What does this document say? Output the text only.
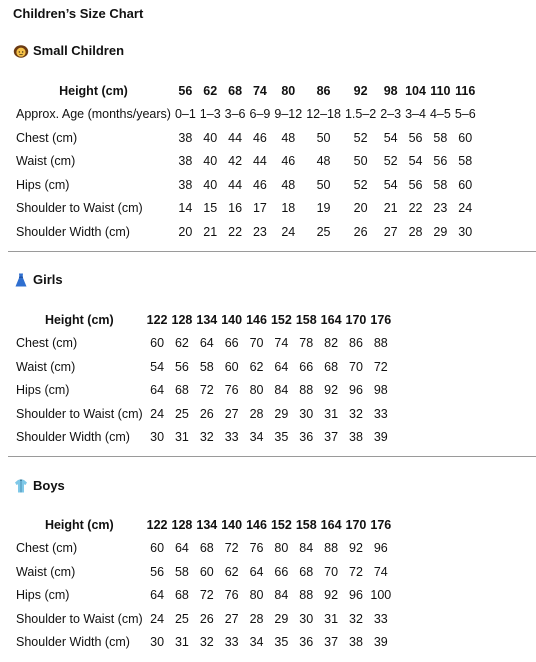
Children’s Size Chart
Small Children
Height (cm)	56	62	68	74	80	86	92	98	104	110	116
Approx. Age (months/years)	0–1	1–3	3–6	6–9	9–12	12–18	1.5–2	2–3	3–4	4–5	5–6
Chest (cm)	38	40	44	46	48	50	52	54	56	58	60
Waist (cm)	38	40	42	44	46	48	50	52	54	56	58
Hips (cm)	38	40	44	46	48	50	52	54	56	58	60
Shoulder to Waist (cm)	14	15	16	17	18	19	20	21	22	23	24
Shoulder Width (cm)	20	21	22	23	24	25	26	27	28	29	30
Girls
Height (cm)	122	128	134	140	146	152	158	164	170	176
Chest (cm)	60	62	64	66	70	74	78	82	86	88
Waist (cm)	54	56	58	60	62	64	66	68	70	72
Hips (cm)	64	68	72	76	80	84	88	92	96	98
Shoulder to Waist (cm)	24	25	26	27	28	29	30	31	32	33
Shoulder Width (cm)	30	31	32	33	34	35	36	37	38	39
Boys
Height (cm)	122	128	134	140	146	152	158	164	170	176
Chest (cm)	60	64	68	72	76	80	84	88	92	96
Waist (cm)	56	58	60	62	64	66	68	70	72	74
Hips (cm)	64	68	72	76	80	84	88	92	96	100
Shoulder to Waist (cm)	24	25	26	27	28	29	30	31	32	33
Shoulder Width (cm)	30	31	32	33	34	35	36	37	38	39
